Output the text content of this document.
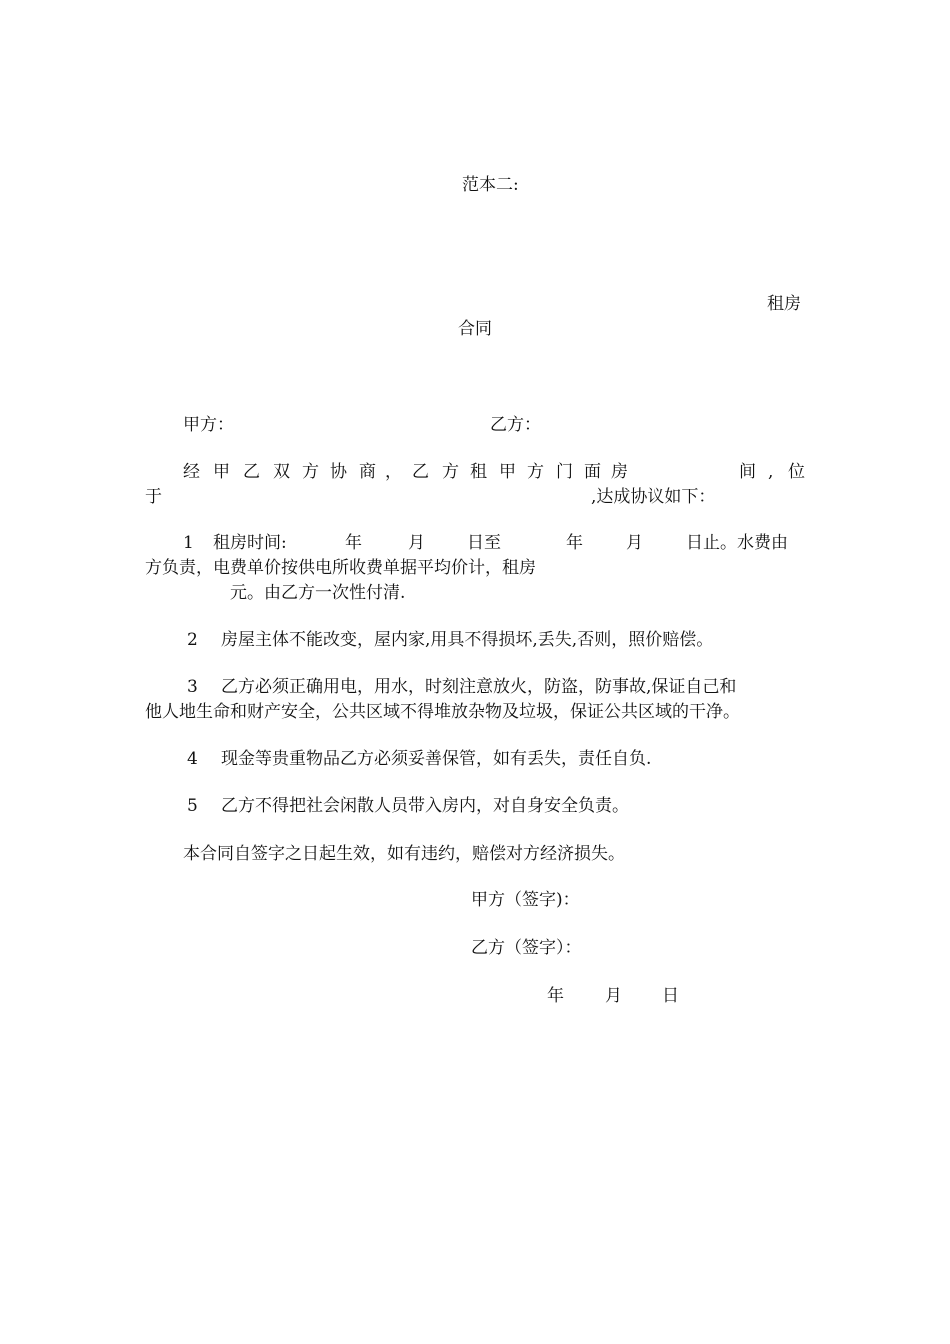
范本二:
租房
合同
甲方：	乙方：
经 甲 乙 双 方 协 商 ， 乙 方 租 甲 方 门 面 房	间 , 位
于	,达成协议如下：
1 租房时间:	年	月 日至	年	月	日止。水费由
方负责，电费单价按供电所收费单据平均价计，租房
元。由乙方一次性付清.
2 房屋主体不能改变，屋内家,用具不得损坏,丢失,否则，照价赔偿。
3 乙方必须正确用电，用水，时刻注意放火，防盗，防事故,保证自己和
他人地生命和财产安全，公共区域不得堆放杂物及垃圾，保证公共区域的干净。
4 现金等贵重物品乙方必须妥善保管，如有丢失，责任自负.
5 乙方不得把社会闲散人员带入房内，对自身安全负责。
本合同自签字之日起生效，如有违约，赔偿对方经济损失。
甲方（签字)：
乙方（签字）：
年 月 日
